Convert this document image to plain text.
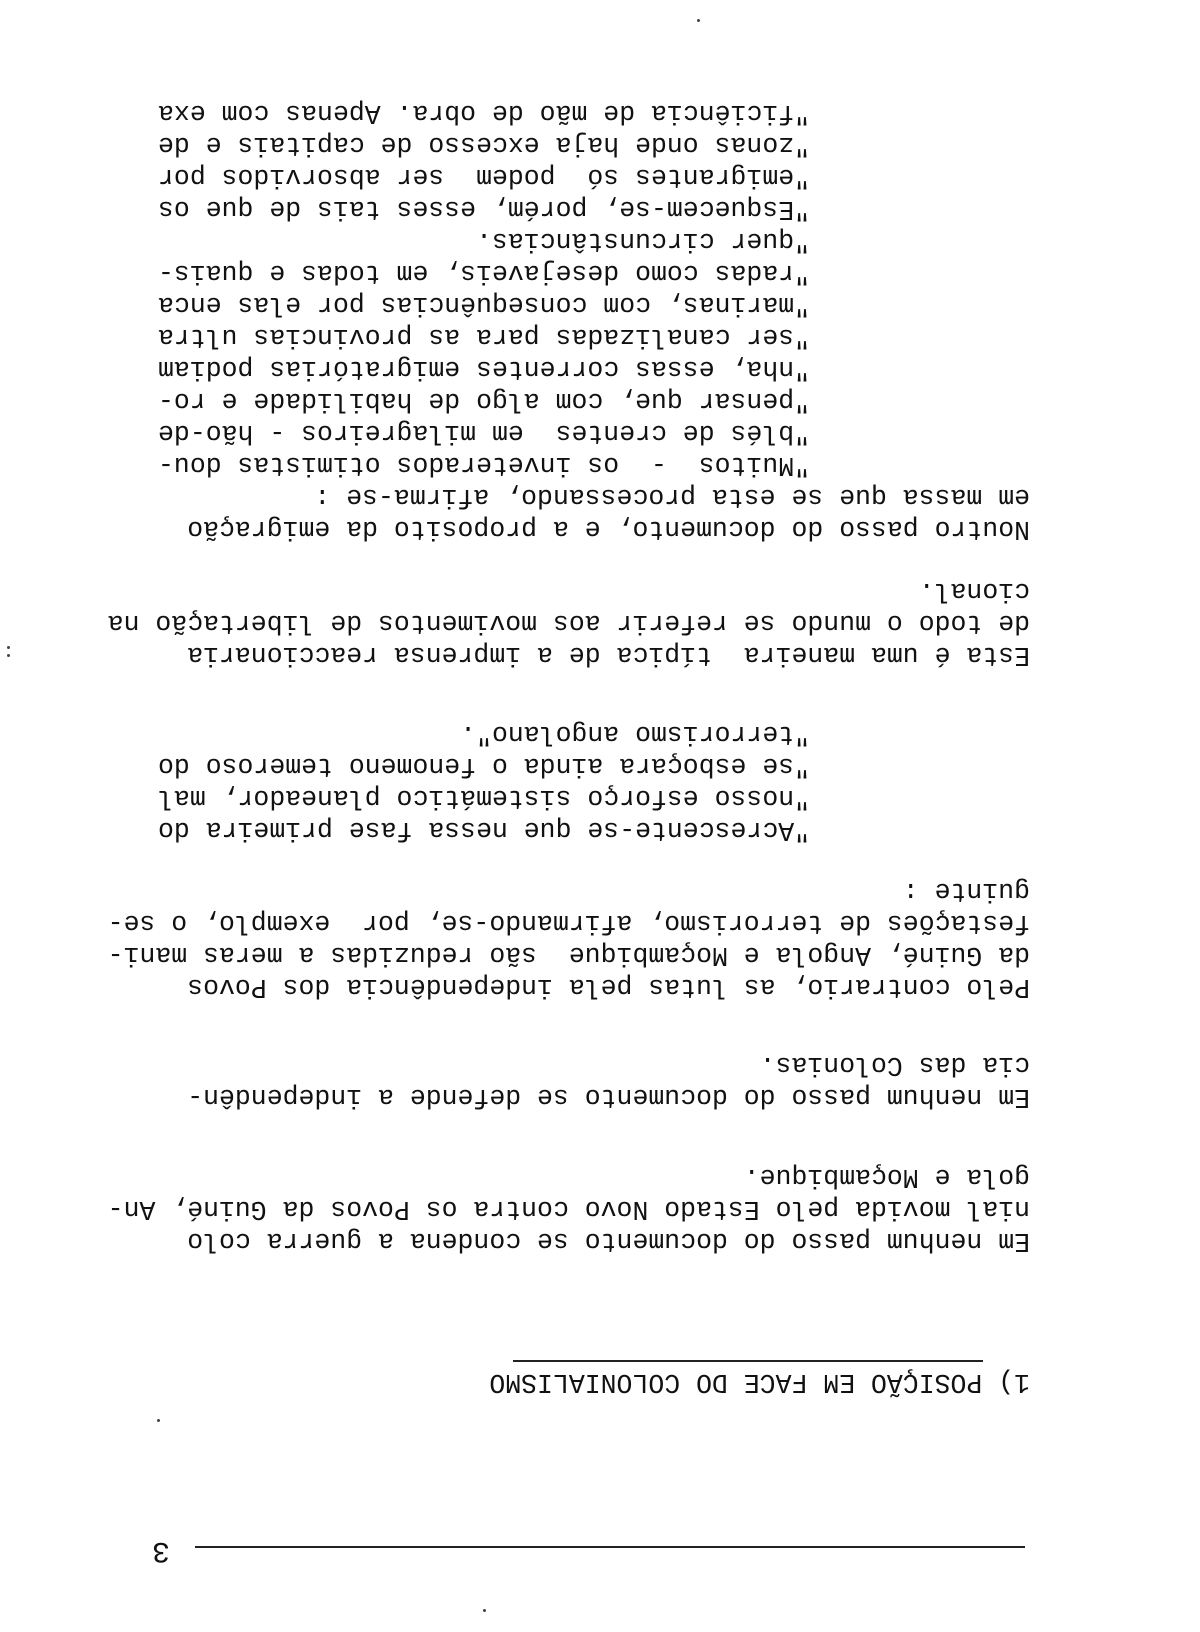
3
1) POSIÇÃO EM FACE DO COLONIALISMO
Em nenhum passo do documento se condena a guerra colo
nial movida pelo Estado Novo contra os Povos da Guiné, An-
gola e Moçambique.
Em nenhum passo do documento se defende a independên-
cia das Colonias.
Pelo contrario, as lutas pela independência dos Povos
da Guiné, Angola e Moçambique  são reduzidas a meras mani-
festações de terrorismo, afirmando-se, por  exemplo, o se-
guinte :
"Acrescente-se que nessa fase primeira do
"nosso esforço sistemático planeador, mal
"se esboçara ainda o fenomeno temeroso do
"terrorismo angolano".
Esta é uma maneira  típica de a imprensa reaccionaria
de todo o mundo se referir aos movimentos de libertação na
cional.
Noutro passo do documento, e a proposito da emigração
em massa que se esta processando, afirma-se :
"Muitos  -  os inveterados otimistas dou-
"blés de crentes  em milagreiros - hão-de
"pensar que, com algo de habilidade e ro-
"nha, essas correntes emigratórias podiam
"ser canalizadas para as provincias ultra
"marinas, com consequências por elas enca
"radas como desejaveis, em todas e quais-
"quer circunstâncias.
"Esquecem-se, porém, esses tais de que os
"emigrantes só  podem  ser absorvidos por
"zonas onde haja excesso de capitais e de
"ficiência de mão de obra. Apenas com exa
